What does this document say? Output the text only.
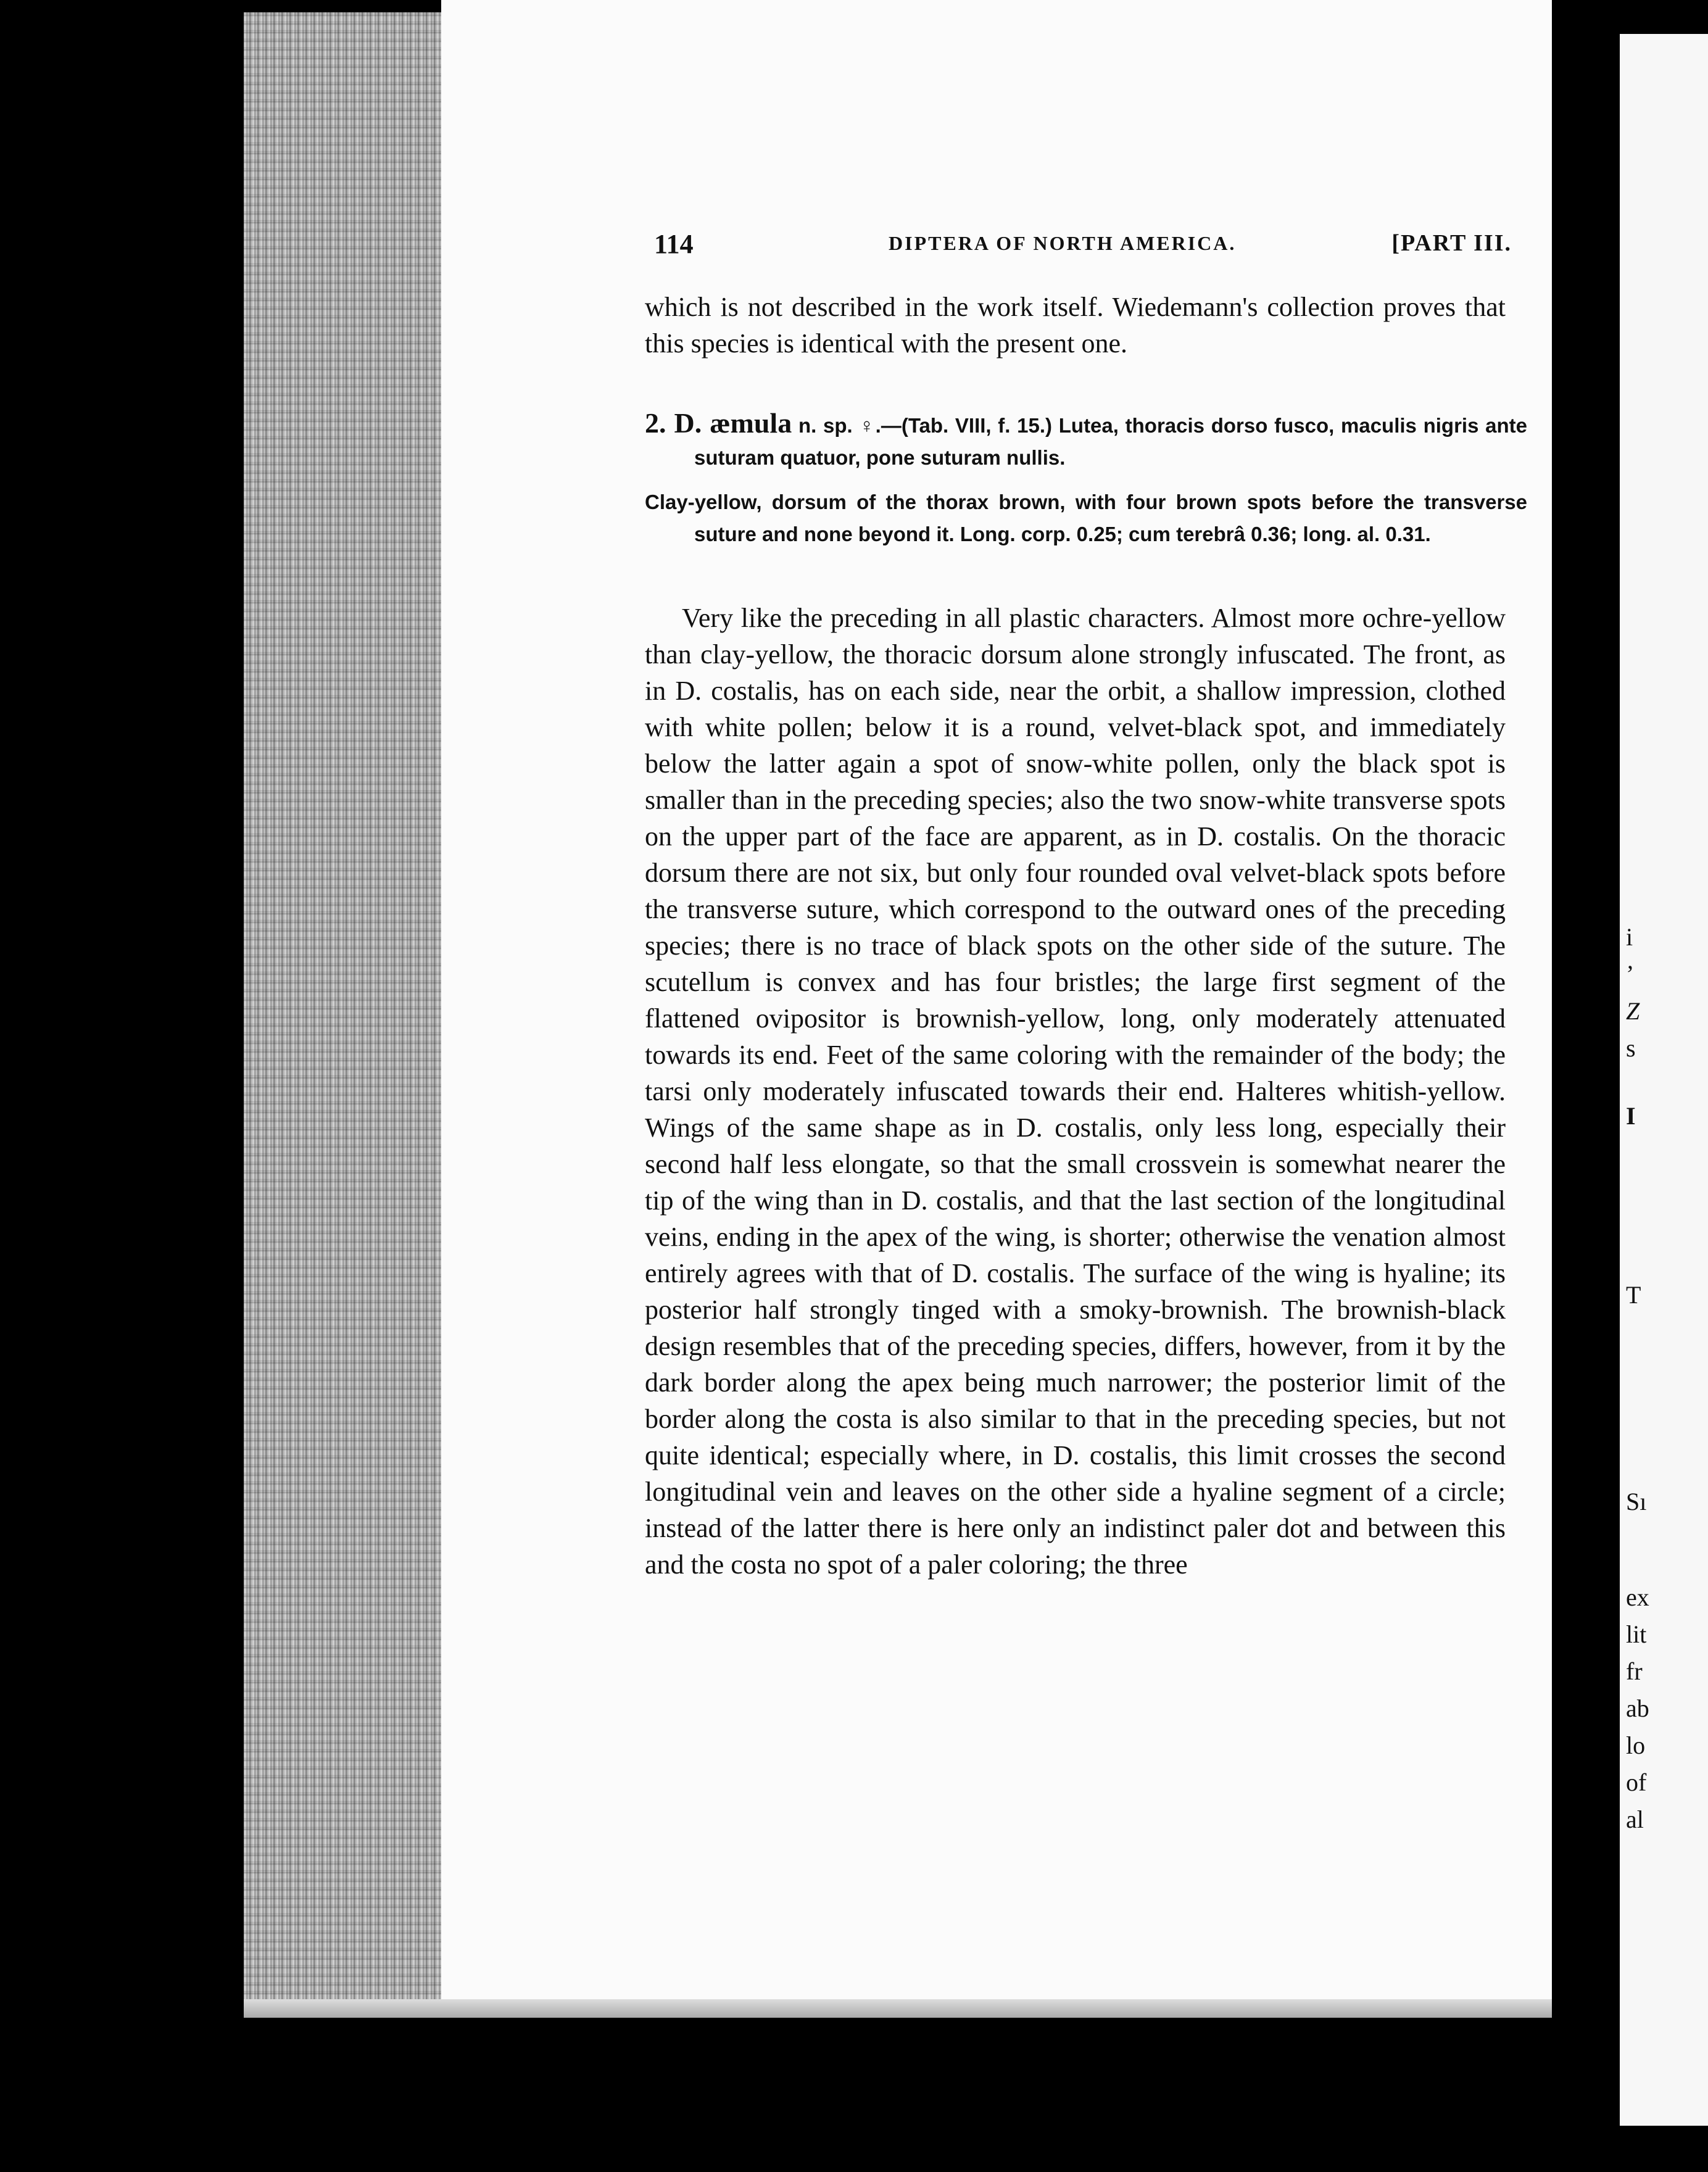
i
’
Z
s
I
T
Sı
ex
lit
fr
ab
lo
of
al
114	DIPTERA OF NORTH AMERICA.	[PART III.
which is not described in the work itself. Wiedemann's collection proves that this species is identical with the present one.
2. D. æmula n. sp. ♀.—(Tab. VIII, f. 15.) Lutea, thoracis dorso fusco, maculis nigris ante suturam quatuor, pone suturam nullis.
Clay-yellow, dorsum of the thorax brown, with four brown spots before the transverse suture and none beyond it. Long. corp. 0.25; cum terebrâ 0.36; long. al. 0.31.
Very like the preceding in all plastic characters. Almost more ochre-yellow than clay-yellow, the thoracic dorsum alone strongly infuscated. The front, as in D. costalis, has on each side, near the orbit, a shallow impression, clothed with white pollen; below it is a round, velvet-black spot, and immediately below the latter again a spot of snow-white pollen, only the black spot is smaller than in the preceding species; also the two snow-white transverse spots on the upper part of the face are apparent, as in D. costalis. On the thoracic dorsum there are not six, but only four rounded oval velvet-black spots before the transverse suture, which correspond to the outward ones of the preceding species; there is no trace of black spots on the other side of the suture. The scutellum is convex and has four bristles; the large first segment of the flattened ovipositor is brownish-yellow, long, only moderately attenuated towards its end. Feet of the same coloring with the remainder of the body; the tarsi only moderately infuscated towards their end. Halteres whitish-yellow. Wings of the same shape as in D. costalis, only less long, especially their second half less elongate, so that the small crossvein is somewhat nearer the tip of the wing than in D. costalis, and that the last section of the longitudinal veins, ending in the apex of the wing, is shorter; otherwise the venation almost entirely agrees with that of D. costalis. The surface of the wing is hyaline; its posterior half strongly tinged with a smoky-brownish. The brownish-black design resembles that of the preceding species, differs, however, from it by the dark border along the apex being much narrower; the posterior limit of the border along the costa is also similar to that in the preceding species, but not quite identical; especially where, in D. costalis, this limit crosses the second longitudinal vein and leaves on the other side a hyaline segment of a circle; instead of the latter there is here only an indistinct paler dot and between this and the costa no spot of a paler coloring; the three
